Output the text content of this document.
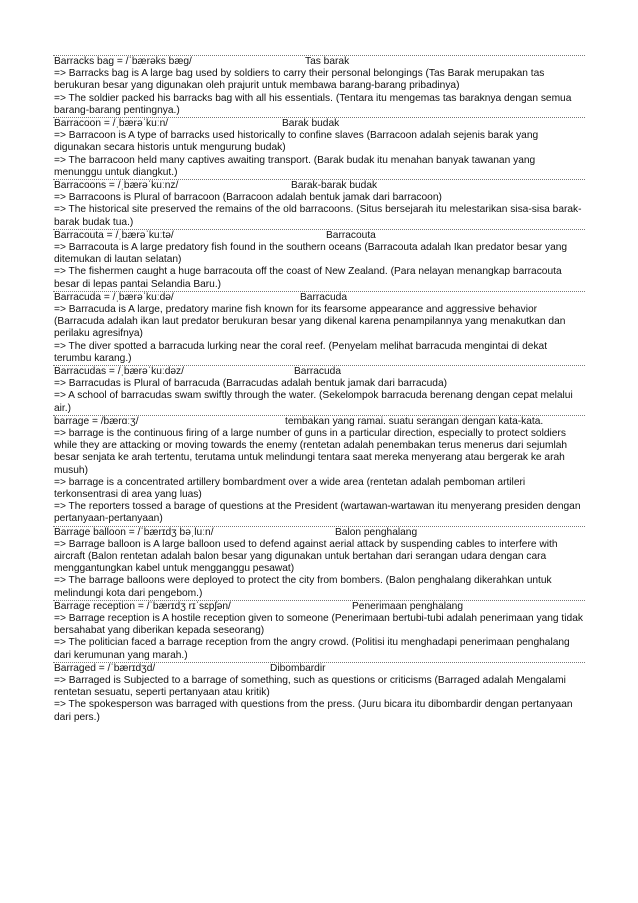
Barracks bag = /ˈbærəks bæg/	Tas barak
=> Barracks bag is A large bag used by soldiers to carry their personal belongings (Tas Barak merupakan tas berukuran besar yang digunakan oleh prajurit untuk membawa barang-barang pribadinya)
=> The soldier packed his barracks bag with all his essentials. (Tentara itu mengemas tas baraknya dengan semua barang-barang pentingnya.)
Barracoon = /ˌbærəˈkuːn/	Barak budak
=> Barracoon is A type of barracks used historically to confine slaves (Barracoon adalah sejenis barak yang digunakan secara historis untuk mengurung budak)
=> The barracoon held many captives awaiting transport. (Barak budak itu menahan banyak tawanan yang menunggu untuk diangkut.)
Barracoons = /ˌbærəˈkuːnz/	Barak-barak budak
=> Barracoons is Plural of barracoon (Barracoon adalah bentuk jamak dari barracoon)
=> The historical site preserved the remains of the old barracoons. (Situs bersejarah itu melestarikan sisa-sisa barak-barak budak tua.)
Barracouta = /ˌbærəˈkuːtə/	Barracouta
=> Barracouta is A large predatory fish found in the southern oceans (Barracouta adalah Ikan predator besar yang ditemukan di lautan selatan)
=> The fishermen caught a huge barracouta off the coast of New Zealand. (Para nelayan menangkap barracouta besar di lepas pantai Selandia Baru.)
Barracuda = /ˌbærəˈkuːdə/	Barracuda
=> Barracuda is A large, predatory marine fish known for its fearsome appearance and aggressive behavior (Barracuda adalah ikan laut predator berukuran besar yang dikenal karena penampilannya yang menakutkan dan perilaku agresifnya)
=> The diver spotted a barracuda lurking near the coral reef. (Penyelam melihat barracuda mengintai di dekat terumbu karang.)
Barracudas = /ˌbærəˈkuːdəz/	Barracuda
=> Barracudas is Plural of barracuda (Barracudas adalah bentuk jamak dari barracuda)
=> A school of barracudas swam swiftly through the water. (Sekelompok barracuda berenang dengan cepat melalui air.)
barrage = /bærɑːʒ/	tembakan yang ramai. suatu serangan dengan kata-kata.
=> barrage is the continuous firing of a large number of guns in a particular direction, especially to protect soldiers while they are attacking or moving towards the enemy (rentetan adalah penembakan terus menerus dari sejumlah besar senjata ke arah tertentu, terutama untuk melindungi tentara saat mereka menyerang atau bergerak ke arah musuh)
=> barrage is a concentrated artillery bombardment over a wide area (rentetan adalah pemboman artileri terkonsentrasi di area yang luas)
=> The reporters tossed a barage of questions at the President (wartawan-wartawan itu menyerang presiden dengan pertanyaan-pertanyaan)
Barrage balloon = /ˈbærɪdʒ bəˌluːn/	Balon penghalang
=> Barrage balloon is A large balloon used to defend against aerial attack by suspending cables to interfere with aircraft (Balon rentetan adalah balon besar yang digunakan untuk bertahan dari serangan udara dengan cara menggantungkan kabel untuk mengganggu pesawat)
=> The barrage balloons were deployed to protect the city from bombers. (Balon penghalang dikerahkan untuk melindungi kota dari pengebom.)
Barrage reception = /ˈbærɪdʒ rɪˈsɛpʃən/	Penerimaan penghalang
=> Barrage reception is A hostile reception given to someone (Penerimaan bertubi-tubi adalah penerimaan yang tidak bersahabat yang diberikan kepada seseorang)
=> The politician faced a barrage reception from the angry crowd. (Politisi itu menghadapi penerimaan penghalang dari kerumunan yang marah.)
Barraged = /ˈbærɪdʒd/	Dibombardir
=> Barraged is Subjected to a barrage of something, such as questions or criticisms (Barraged adalah Mengalami rentetan sesuatu, seperti pertanyaan atau kritik)
=> The spokesperson was barraged with questions from the press. (Juru bicara itu dibombardir dengan pertanyaan dari pers.)
